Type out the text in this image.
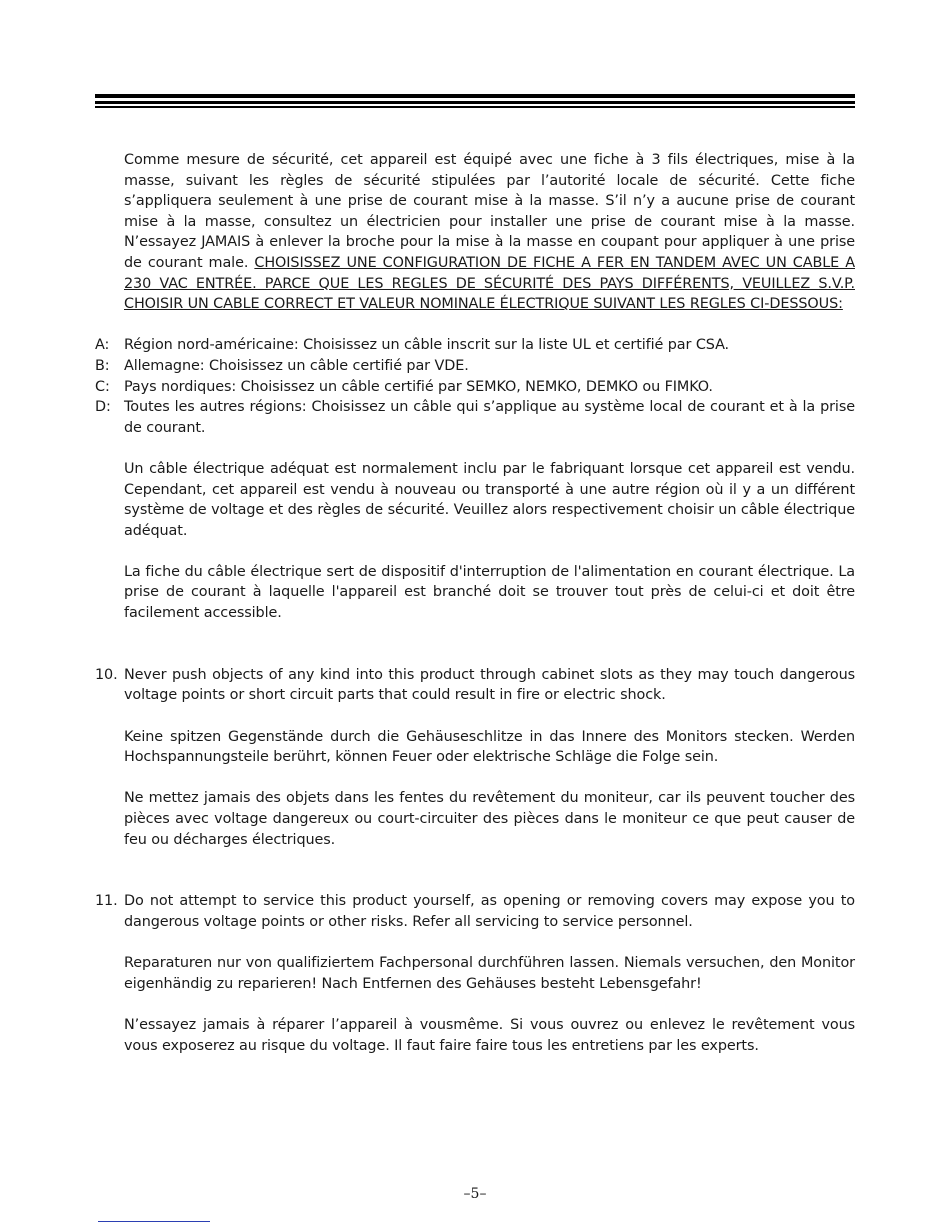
Comme mesure de sécurité, cet appareil est équipé avec une fiche à 3 fils électriques, mise à la masse, suivant les règles de sécurité stipulées par l’autorité locale de sécurité. Cette fiche s’appliquera seulement à une prise de courant mise à la masse. S’il n’y a aucune prise de courant mise à la masse, consultez un électricien pour installer une prise de courant mise à la masse. N’essayez JAMAIS à enlever la broche pour la mise à la masse en coupant pour appliquer à une prise de courant male. CHOISISSEZ UNE CONFIGURATION DE FICHE A FER EN TANDEM AVEC UN CABLE A 230 VAC ENTRÉE. PARCE QUE LES REGLES DE SÉCURITÉ DES PAYS DIFFÉRENTS, VEUILLEZ S.V.P. CHOISIR UN CABLE CORRECT ET VALEUR NOMINALE ÉLECTRIQUE SUIVANT LES REGLES CI-DESSOUS:

A: Région nord-américaine: Choisissez un câble inscrit sur la liste UL et certifié par CSA.
B: Allemagne: Choisissez un câble certifié par VDE.
C: Pays nordiques: Choisissez un câble certifié par SEMKO, NEMKO, DEMKO ou FIMKO.
D: Toutes les autres régions: Choisissez un câble qui s’applique au système local de courant et à la prise de courant.

Un câble électrique adéquat est normalement inclu par le fabriquant lorsque cet appareil est vendu. Cependant, cet appareil est vendu à nouveau ou transporté à une autre région où il y a un différent système de voltage et des règles de sécurité. Veuillez alors respectivement choisir un câble électrique adéquat.

La fiche du câble électrique sert de dispositif d'interruption de l'alimentation en courant électrique. La prise de courant à laquelle l'appareil est branché doit se trouver tout près de celui-ci et doit être facilement accessible.

10. Never push objects of any kind into this product through cabinet slots as they may touch dangerous voltage points or short circuit parts that could result in fire or electric shock.

Keine spitzen Gegenstände durch die Gehäuseschlitze in das Innere des Monitors stecken. Werden Hochspannungsteile berührt, können Feuer oder elektrische Schläge die Folge sein.

Ne mettez jamais des objets dans les fentes du revêtement du moniteur, car ils peuvent toucher des pièces avec voltage dangereux ou court-circuiter des pièces dans le moniteur ce que peut causer de feu ou décharges électriques.

11. Do not attempt to service this product yourself, as opening or removing covers may expose you to dangerous voltage points or other risks. Refer all servicing to service personnel.

Reparaturen nur von qualifiziertem Fachpersonal durchführen lassen. Niemals versuchen, den Monitor eigenhändig zu reparieren! Nach Entfernen des Gehäuses besteht Lebensgefahr!

N’essayez jamais à réparer l’appareil à vousmême. Si vous ouvrez ou enlevez le revêtement vous vous exposerez au risque du voltage. Il faut faire faire tous les entretiens par les experts.

–5–
